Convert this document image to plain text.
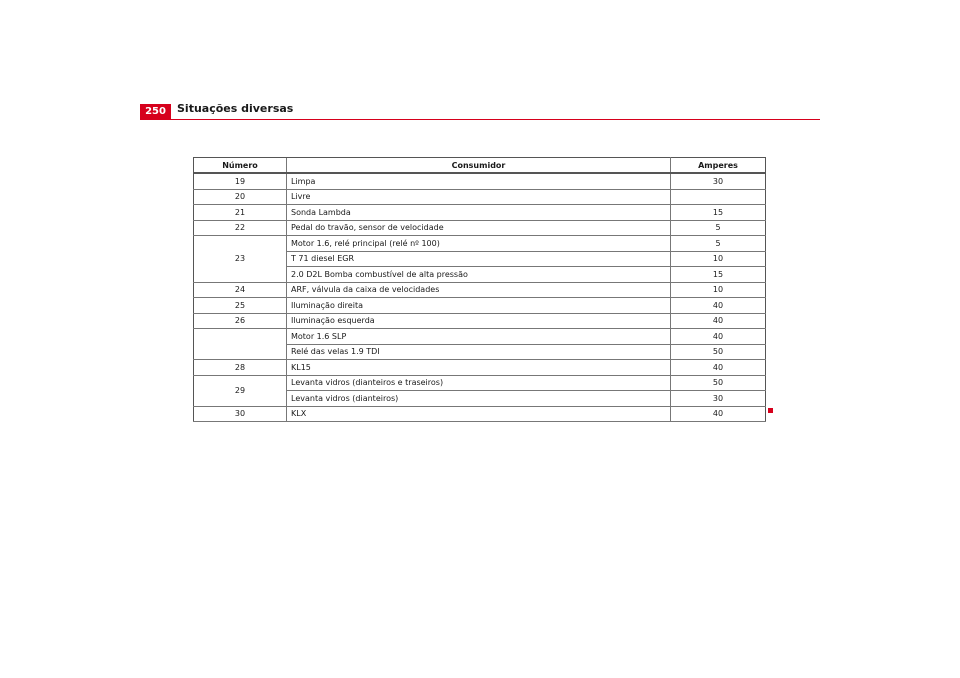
250	Situações diversas
Número	Consumidor	Amperes
19	Limpa	30
20	Livre	
21	Sonda Lambda	15
22	Pedal do travão, sensor de velocidade	5
23	Motor 1.6, relé principal (relé nº 100)	5
	T 71 diesel EGR	10
	2.0 D2L Bomba combustível de alta pressão	15
24	ARF, válvula da caixa de velocidades	10
25	Iluminação direita	40
26	Iluminação esquerda	40
	Motor 1.6 SLP	40
	Relé das velas 1.9 TDI	50
28	KL15	40
29	Levanta vidros (dianteiros e traseiros)	50
	Levanta vidros (dianteiros)	30
30	KLX	40
